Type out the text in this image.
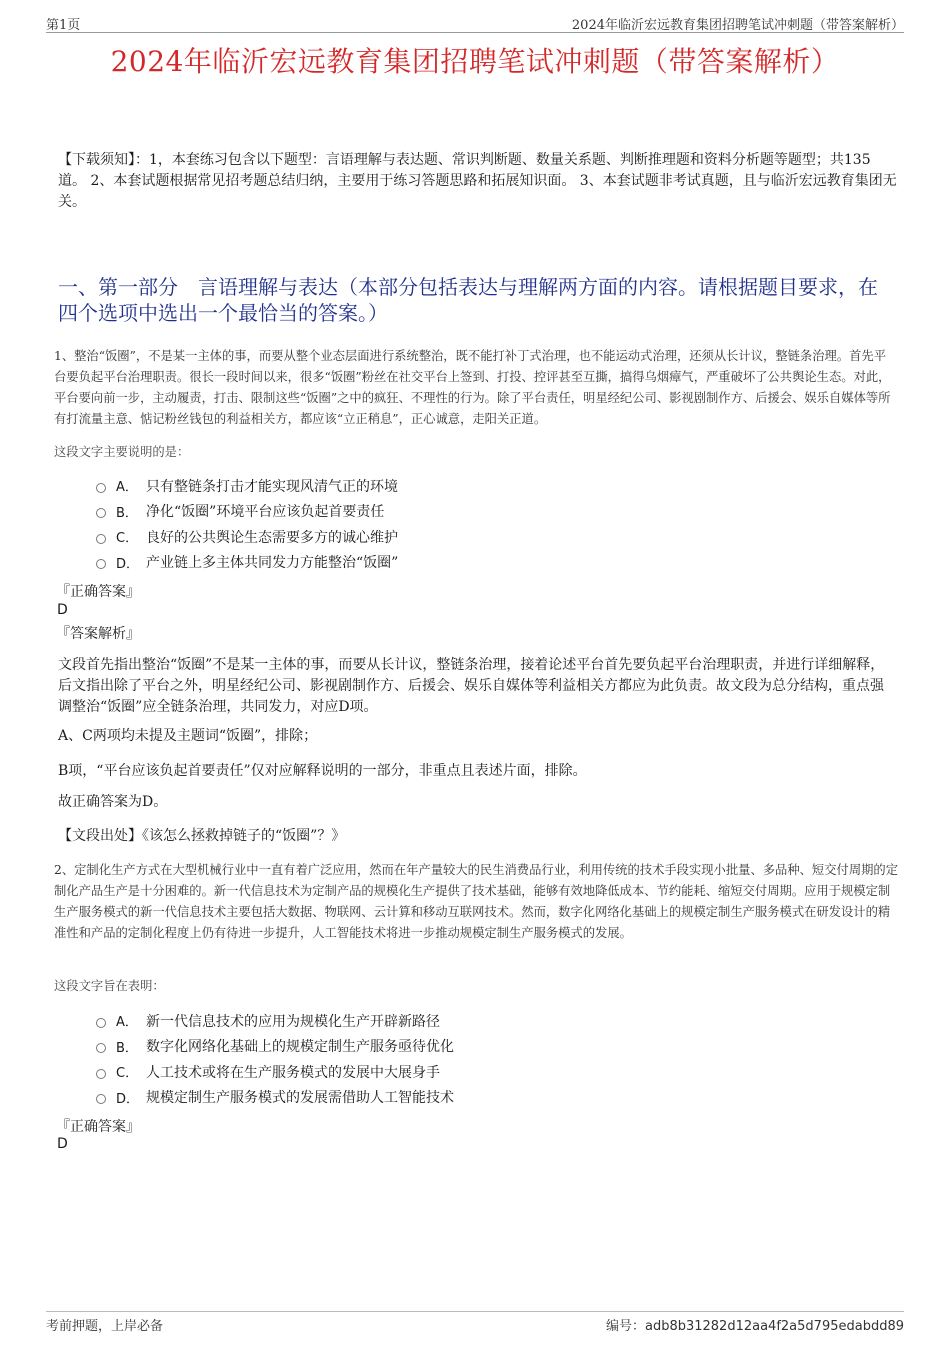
第1页	2024年临沂宏远教育集团招聘笔试冲刺题（带答案解析）
2024年临沂宏远教育集团招聘笔试冲刺题（带答案解析）
【下载须知】：1，本套练习包含以下题型：言语理解与表达题、常识判断题、数量关系题、判断推理题和资料分析题等题型；共135道。 2、本套试题根据常见招考题总结归纳，主要用于练习答题思路和拓展知识面。 3、本套试题非考试真题，且与临沂宏远教育集团无关。
一、第一部分　言语理解与表达（本部分包括表达与理解两方面的内容。请根据题目要求，在四个选项中选出一个最恰当的答案。）
1、整治“饭圈”，不是某一主体的事，而要从整个业态层面进行系统整治，既不能打补丁式治理，也不能运动式治理，还须从长计议，整链条治理。首先平台要负起平台治理职责。很长一段时间以来，很多“饭圈”粉丝在社交平台上签到、打投、控评甚至互撕，搞得乌烟瘴气，严重破坏了公共舆论生态。对此，平台要向前一步，主动履责，打击、限制这些“饭圈”之中的疯狂、不理性的行为。除了平台责任，明星经纪公司、影视剧制作方、后援会、娱乐自媒体等所有打流量主意、惦记粉丝钱包的利益相关方，都应该“立正稍息”，正心诚意，走阳关正道。
这段文字主要说明的是：
A． 只有整链条打击才能实现风清气正的环境
B． 净化“饭圈”环境平台应该负起首要责任
C． 良好的公共舆论生态需要多方的诚心维护
D． 产业链上多主体共同发力方能整治“饭圈”
『正确答案』
D
『答案解析』
文段首先指出整治“饭圈”不是某一主体的事，而要从长计议，整链条治理，接着论述平台首先要负起平台治理职责，并进行详细解释，后文指出除了平台之外，明星经纪公司、影视剧制作方、后援会、娱乐自媒体等利益相关方都应为此负责。故文段为总分结构，重点强调整治“饭圈”应全链条治理，共同发力，对应D项。
A、C两项均未提及主题词“饭圈”，排除；
B项，“平台应该负起首要责任”仅对应解释说明的一部分，非重点且表述片面，排除。
故正确答案为D。
【文段出处】《该怎么拯救掉链子的“饭圈”？》
2、定制化生产方式在大型机械行业中一直有着广泛应用，然而在年产量较大的民生消费品行业，利用传统的技术手段实现小批量、多品种、短交付周期的定制化产品生产是十分困难的。新一代信息技术为定制产品的规模化生产提供了技术基础，能够有效地降低成本、节约能耗、缩短交付周期。应用于规模定制生产服务模式的新一代信息技术主要包括大数据、物联网、云计算和移动互联网技术。然而，数字化网络化基础上的规模定制生产服务模式在研发设计的精准性和产品的定制化程度上仍有待进一步提升，人工智能技术将进一步推动规模定制生产服务模式的发展。
这段文字旨在表明：
A． 新一代信息技术的应用为规模化生产开辟新路径
B． 数字化网络化基础上的规模定制生产服务亟待优化
C． 人工技术或将在生产服务模式的发展中大展身手
D． 规模定制生产服务模式的发展需借助人工智能技术
『正确答案』
D
考前押题，上岸必备	编号：adb8b31282d12aa4f2a5d795edabdd89
